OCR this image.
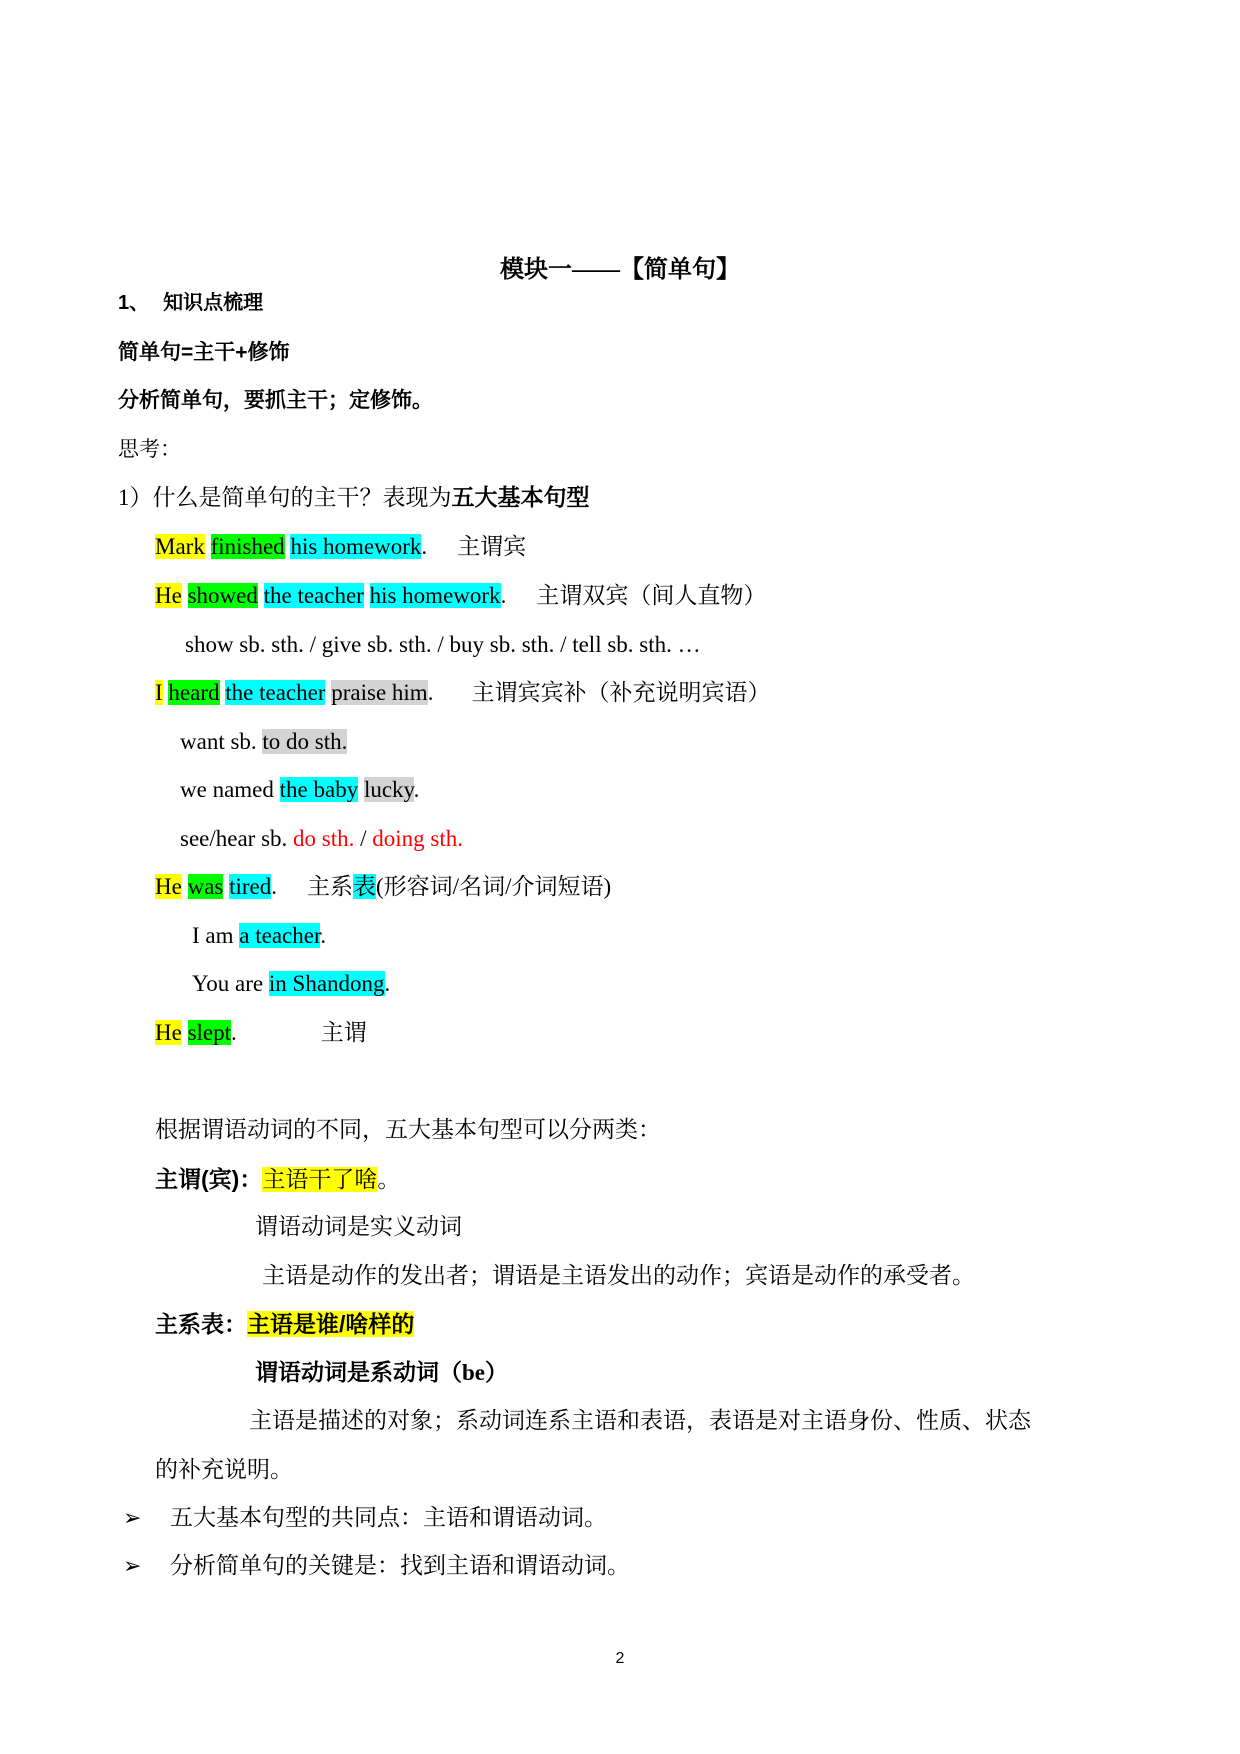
模块一——【简单句】
1、 知识点梳理
简单句=主干+修饰
分析简单句，要抓主干；定修饰。
思考：
1）什么是简单句的主干？表现为五大基本句型
Mark finished his homework. 主谓宾
He showed the teacher his homework. 主谓双宾（间人直物）
show sb. sth. / give sb. sth. / buy sb. sth. / tell sb. sth. …
I heard the teacher praise him. 主谓宾宾补（补充说明宾语）
want sb. to do sth.
we named the baby lucky.
see/hear sb. do sth. / doing sth.
He was tired. 主系表(形容词/名词/介词短语)
I am a teacher.
You are in Shandong.
He slept.	主谓
根据谓语动词的不同，五大基本句型可以分两类：
主谓(宾)：主语干了啥。
谓语动词是实义动词
主语是动作的发出者；谓语是主语发出的动作；宾语是动作的承受者。
主系表：主语是谁/啥样的
谓语动词是系动词（be）
主语是描述的对象；系动词连系主语和表语，表语是对主语身份、性质、状态
的补充说明。
➢ 五大基本句型的共同点：主语和谓语动词。
➢ 分析简单句的关键是：找到主语和谓语动词。
2
